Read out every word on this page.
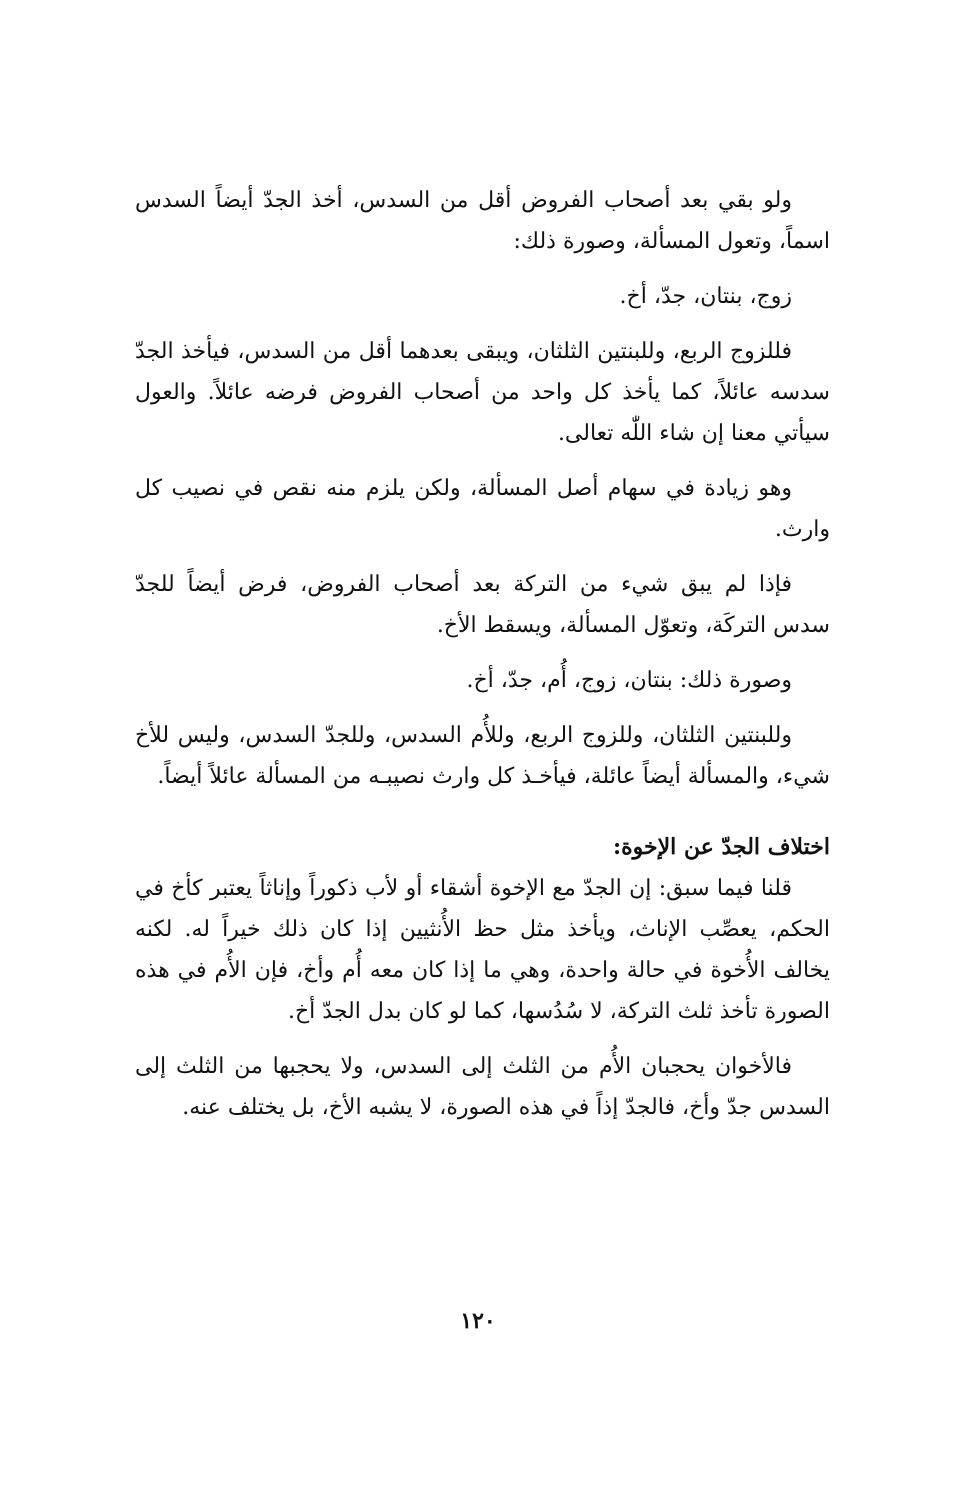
ولو بقي بعد أصحاب الفروض أقل من السدس، أخذ الجدّ أيضاً السدس اسماً، وتعول المسألة، وصورة ذلك:

زوج، بنتان، جدّ، أخ.

فللزوج الربع، وللبنتين الثلثان، ويبقى بعدهما أقل من السدس، فيأخذ الجدّ سدسه عائلاً، كما يأخذ كل واحد من أصحاب الفروض فرضه عائلاً. والعول سيأتي معنا إن شاء اللّٰه تعالى.

وهو زيادة في سهام أصل المسألة، ولكن يلزم منه نقص في نصيب كل وارث.

فإذا لم يبق شيء من التركة بعد أصحاب الفروض، فرض أيضاً للجدّ سدس التركَة، وتعوّل المسألة، ويسقط الأخ.

وصورة ذلك: بنتان، زوج، أُم، جدّ، أخ.

وللبنتين الثلثان، وللزوج الربع، وللأُم السدس، وللجدّ السدس، وليس للأخ شيء، والمسألة أيضاً عائلة، فيأخـذ كل وارث نصيبـه من المسألة عائلاً أيضاً.

اختلاف الجدّ عن الإخوة:

قلنا فيما سبق: إن الجدّ مع الإخوة أشقاء أو لأب ذكوراً وإناثاً يعتبر كأخ في الحكم، يعصِّب الإناث، ويأخذ مثل حظ الأُنثيين إذا كان ذلك خيراً له. لكنه يخالف الأُخوة في حالة واحدة، وهي ما إذا كان معه أُم وأخ، فإن الأُم في هذه الصورة تأخذ ثلث التركة، لا سُدُسها، كما لو كان بدل الجدّ أخ.

فالأخوان يحجبان الأُم من الثلث إلى السدس، ولا يحجبها من الثلث إلى السدس جدّ وأخ، فالجدّ إذاً في هذه الصورة، لا يشبه الأخ، بل يختلف عنه.

١٢٠
